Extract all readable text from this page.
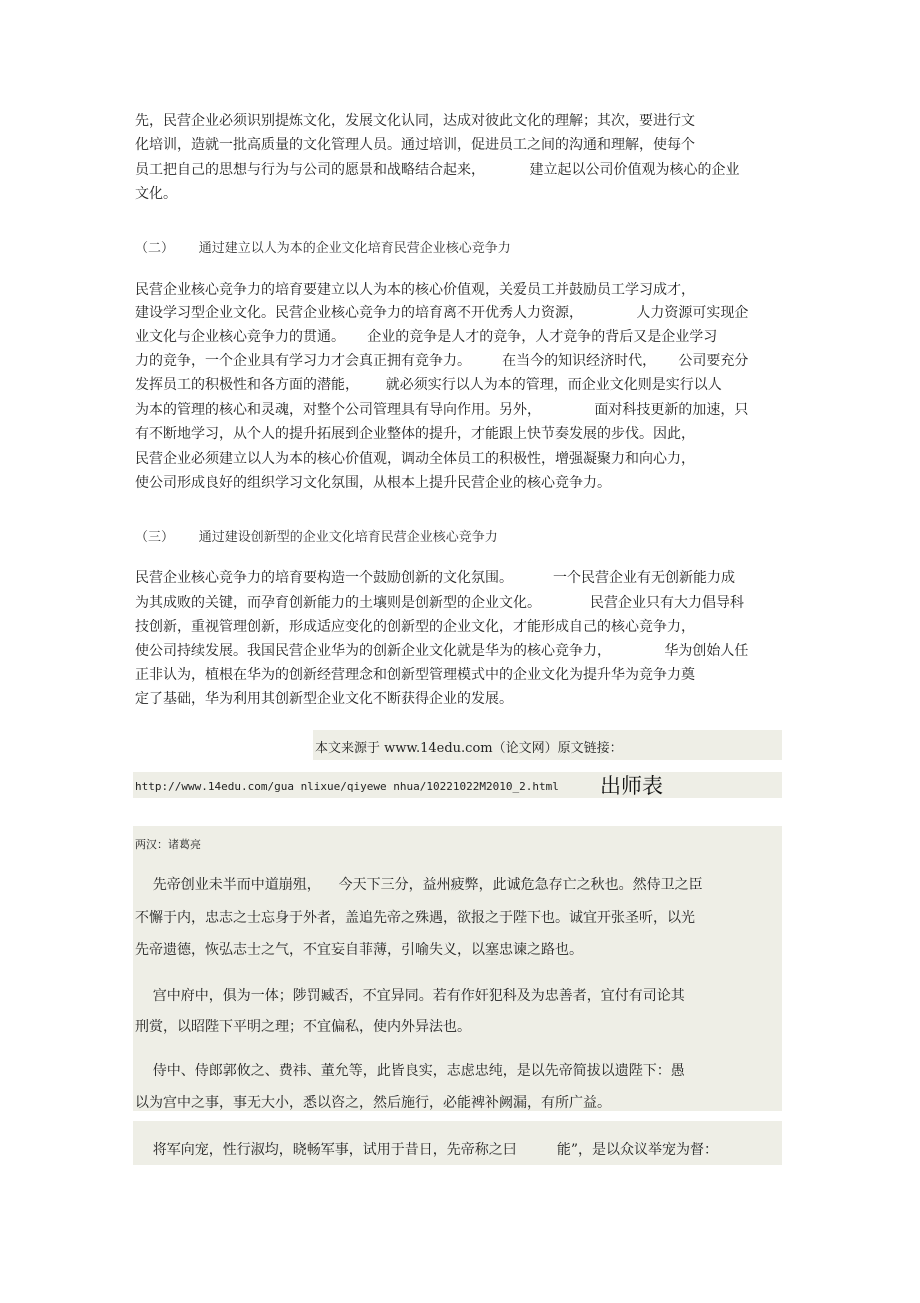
先，民营企业必须识别提炼文化，发展文化认同，达成对彼此文化的理解；其次，要进行文
化培训，造就一批高质量的文化管理人员。通过培训，促进员工之间的沟通和理解，使每个
员工把自己的思想与行为与公司的愿景和战略结合起来，          建立起以公司价值观为核心的企业
文化。
（二）      通过建立以人为本的企业文化培育民营企业核心竞争力
民营企业核心竞争力的培育要建立以人为本的核心价值观，关爱员工并鼓励员工学习成才，
建设学习型企业文化。民营企业核心竞争力的培育离不开优秀人力资源，            人力资源可实现企
业文化与企业核心竞争力的贯通。     企业的竞争是人才的竞争，人才竞争的背后又是企业学习
力的竞争，一个企业具有学习力才会真正拥有竞争力。       在当今的知识经济时代，     公司要充分
发挥员工的积极性和各方面的潜能，      就必须实行以人为本的管理，而企业文化则是实行以人
为本的管理的核心和灵魂，对整个公司管理具有导向作用。另外，            面对科技更新的加速，只
有不断地学习，从个人的提升拓展到企业整体的提升，才能跟上快节奏发展的步伐。因此，
民营企业必须建立以人为本的核心价值观，调动全体员工的积极性，增强凝聚力和向心力，
使公司形成良好的组织学习文化氛围，从根本上提升民营企业的核心竞争力。
（三）      通过建设创新型的企业文化培育民营企业核心竞争力
民营企业核心竞争力的培育要构造一个鼓励创新的文化氛围。         一个民营企业有无创新能力成
为其成败的关键，而孕育创新能力的土壤则是创新型的企业文化。           民营企业只有大力倡导科
技创新，重视管理创新，形成适应变化的创新型的企业文化，才能形成自己的核心竞争力，
使公司持续发展。我国民营企业华为的创新企业文化就是华为的核心竞争力，            华为创始人任
正非认为，植根在华为的创新经营理念和创新型管理模式中的企业文化为提升华为竞争力奠
定了基础，华为利用其创新型企业文化不断获得企业的发展。
本文来源于 www.14edu.com（论文网）原文链接：
http://www.14edu.com/gua nlixue/qiyewe nhua/10221022M2010_2.html 出师表
两汉：诸葛亮
先帝创业未半而中道崩殂，    今天下三分，益州疲弊，此诚危急存亡之秋也。然侍卫之臣
不懈于内，忠志之士忘身于外者，盖追先帝之殊遇，欲报之于陛下也。诚宜开张圣听，以光
先帝遗德，恢弘志士之气，不宜妄自菲薄，引喻失义，以塞忠谏之路也。
宫中府中，俱为一体；陟罚臧否，不宜异同。若有作奸犯科及为忠善者，宜付有司论其
刑赏，以昭陛下平明之理；不宜偏私，使内外异法也。
侍中、侍郎郭攸之、费祎、董允等，此皆良实，志虑忠纯，是以先帝简拔以遗陛下：愚
以为宫中之事，事无大小，悉以咨之，然后施行，必能裨补阙漏，有所广益。
将军向宠，性行淑均，晓畅军事，试用于昔日，先帝称之曰         能”，是以众议举宠为督：
